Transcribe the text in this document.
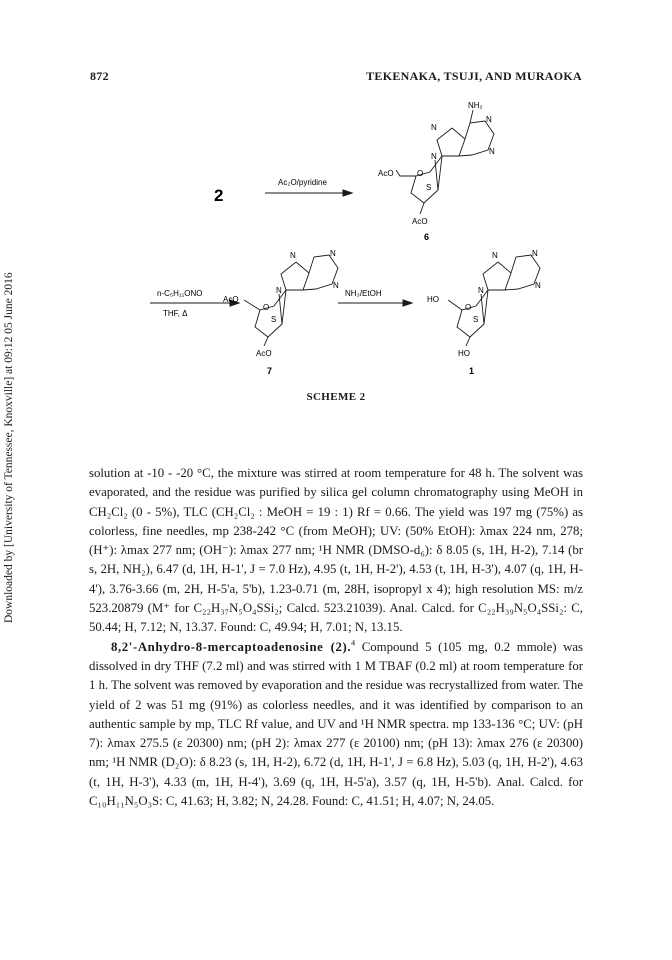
872	TEKENAKA, TSUJI, AND MURAOKA
Downloaded by [University of Tennessee, Knoxville] at 09:12 05 June 2016
NH₂
N
N
N
N
O
S
AcO
AcO
N	N
N
N
O
S
AcO
AcO
N	N
N
N
O
S
HO
HO
2
Ac₂O/pyridine
n-C₅H₁₁ONO
THF, Δ
NH₃/EtOH
6
7	1
SCHEME 2

solution at -10 - -20 °C, the mixture was stirred at room temperature for 48 h. The solvent was evaporated, and the residue was purified by silica gel column chromatography using MeOH in CH₂Cl₂ (0 - 5%), TLC (CH₂Cl₂ : MeOH = 19 : 1) Rf = 0.66. The yield was 197 mg (75%) as colorless, fine needles, mp 238-242 °C (from MeOH); UV: (50% EtOH): λmax 224 nm, 278; (H⁺): λmax 277 nm; (OH⁻): λmax 277 nm; ¹H NMR (DMSO-d₆): δ 8.05 (s, 1H, H-2), 7.14 (br s, 2H, NH₂), 6.47 (d, 1H, H-1', J = 7.0 Hz), 4.95 (t, 1H, H-2'), 4.53 (t, 1H, H-3'), 4.07 (q, 1H, H-4'), 3.76-3.66 (m, 2H, H-5'a, 5'b), 1.23-0.71 (m, 28H, isopropyl x 4); high resolution MS: m/z 523.20879 (M⁺ for C₂₂H₃₇N₅O₄SSi₂; Calcd. 523.21039). Anal. Calcd. for C₂₂H₃₉N₅O₄SSi₂: C, 50.44; H, 7.12; N, 13.37. Found: C, 49.94; H, 7.01; N, 13.15.

8,2'-Anhydro-8-mercaptoadenosine (2).$^4$ Compound 5 (105 mg, 0.2 mmole) was dissolved in dry THF (7.2 ml) and was stirred with 1 M TBAF (0.2 ml) at room temperature for 1 h. The solvent was removed by evaporation and the residue was recrystallized from water. The yield of 2 was 51 mg (91%) as colorless needles, and it was identified by comparison to an authentic sample by mp, TLC Rf value, and UV and ¹H NMR spectra. mp 133-136 °C; UV: (pH 7): λmax 275.5 (ε 20300) nm; (pH 2): λmax 277 (ε 20100) nm; (pH 13): λmax 276 (ε 20300) nm; ¹H NMR (D₂O): δ 8.23 (s, 1H, H-2), 6.72 (d, 1H, H-1', J = 6.8 Hz), 5.03 (q, 1H, H-2'), 4.63 (t, 1H, H-3'), 4.33 (m, 1H, H-4'), 3.69 (q, 1H, H-5'a), 3.57 (q, 1H, H-5'b). Anal. Calcd. for C₁₀H₁₁N₅O₃S: C, 41.63; H, 3.82; N, 24.28. Found: C, 41.51; H, 4.07; N, 24.05.
